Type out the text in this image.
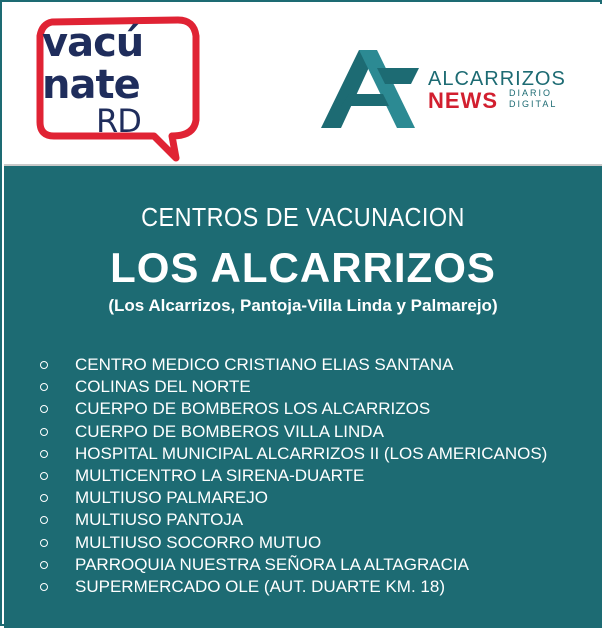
vacú
nate
RD
ALCARRIZOS
NEWS DIARIO
DIGITAL
CENTROS DE VACUNACION
LOS ALCARRIZOS
(Los Alcarrizos, Pantoja-Villa Linda y Palmarejo)
CENTRO MEDICO CRISTIANO ELIAS SANTANA
COLINAS DEL NORTE
CUERPO DE BOMBEROS LOS ALCARRIZOS
CUERPO DE BOMBEROS VILLA LINDA
HOSPITAL MUNICIPAL ALCARRIZOS II (LOS AMERICANOS)
MULTICENTRO LA SIRENA-DUARTE
MULTIUSO PALMAREJO
MULTIUSO PANTOJA
MULTIUSO SOCORRO MUTUO
PARROQUIA NUESTRA SEÑORA LA ALTAGRACIA
SUPERMERCADO OLE (AUT. DUARTE KM. 18)
